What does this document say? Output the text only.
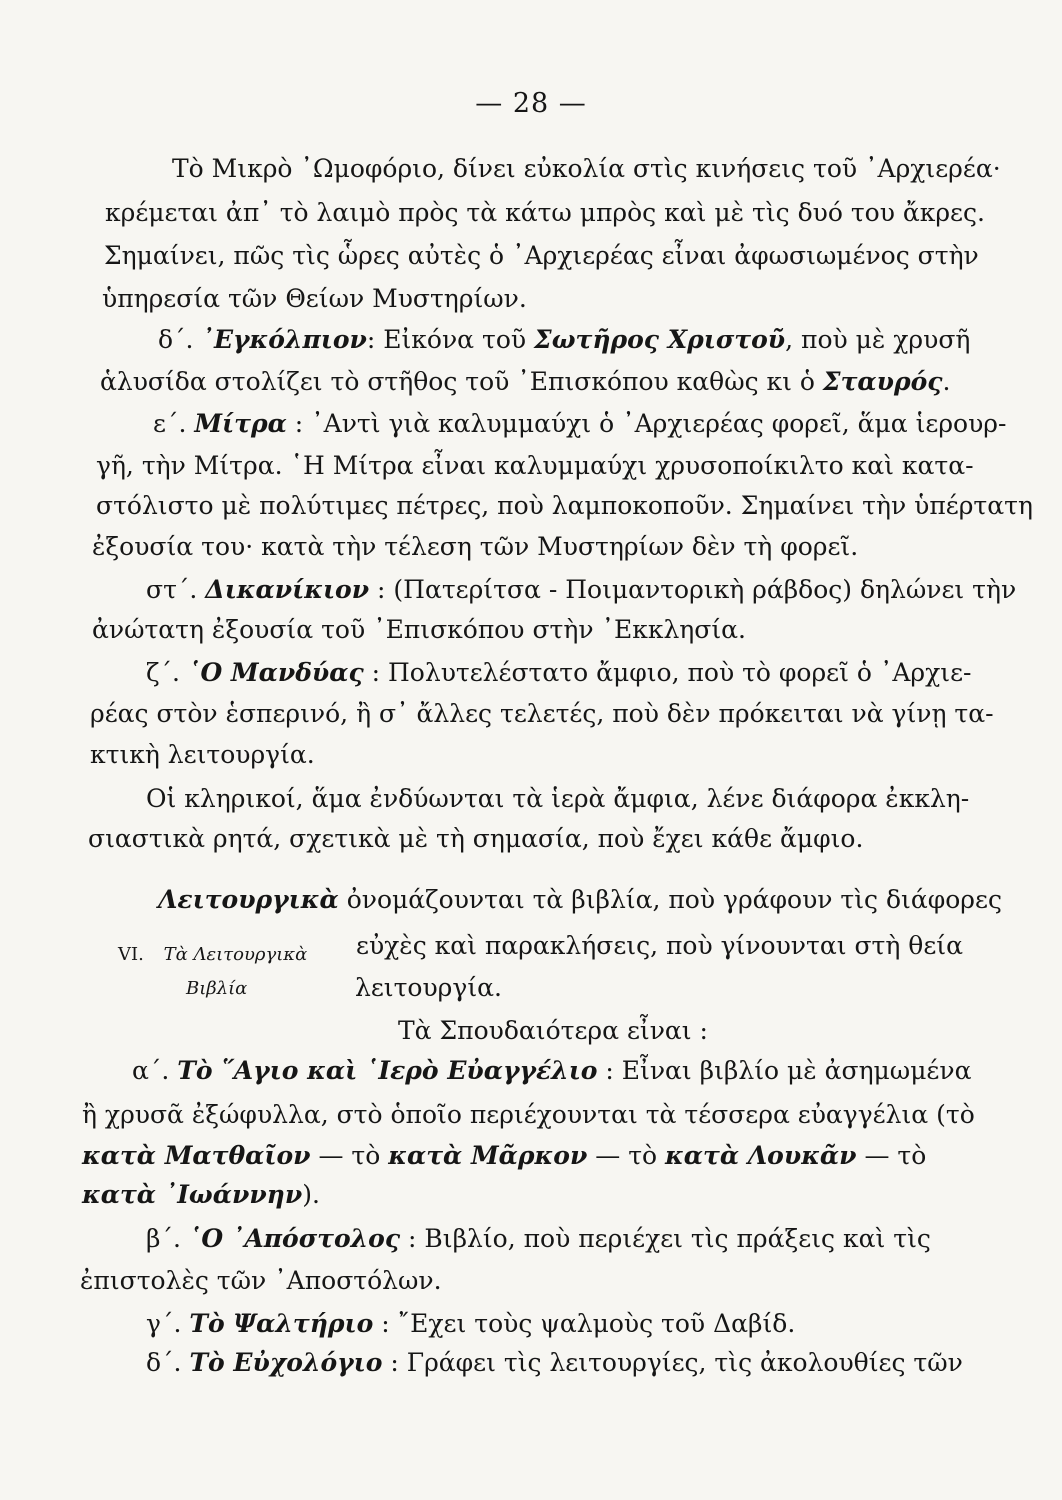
— 28 —
Τὸ Μικρὸ ᾿Ωμοφόριο, δίνει εὐκολία στὶς κινήσεις τοῦ ᾿Αρχιερέα·
κρέμεται ἀπ᾿ τὸ λαιμὸ πρὸς τὰ κάτω μπρὸς καὶ μὲ τὶς δυό του ἄκρες.
Σημαίνει, πῶς τὶς ὧρες αὐτὲς ὁ ᾿Αρχιερέας εἶναι ἀφωσιωμένος στὴν
ὑπηρεσία τῶν Θείων Μυστηρίων.
δ΄. ᾿Εγκόλπιον: Εἰκόνα τοῦ Σωτῆρος Χριστοῦ, ποὺ μὲ χρυσῆ
ἁλυσίδα στολίζει τὸ στῆθος τοῦ ᾿Επισκόπου καθὼς κι ὁ Σταυρός.
ε΄. Μίτρα : ᾿Αντὶ γιὰ καλυμμαύχι ὁ ᾿Αρχιερέας φορεῖ, ἅμα ἱερουρ-
γῆ, τὴν Μίτρα. ῾Η Μίτρα εἶναι καλυμμαύχι χρυσοποίκιλτο καὶ κατα-
στόλιστο μὲ πολύτιμες πέτρες, ποὺ λαμποκοποῦν. Σημαίνει τὴν ὑπέρτατη
ἐξουσία του· κατὰ τὴν τέλεση τῶν Μυστηρίων δὲν τὴ φορεῖ.
στ΄. Δικανίκιον : (Πατερίτσα - Ποιμαντορικὴ ράβδος) δηλώνει τὴν
ἀνώτατη ἐξουσία τοῦ ᾿Επισκόπου στὴν ᾿Εκκλησία.
ζ΄. ῾Ο Μανδύας : Πολυτελέστατο ἄμφιο, ποὺ τὸ φορεῖ ὁ ᾿Αρχιε-
ρέας στὸν ἑσπερινό, ἢ σ᾿ ἄλλες τελετές, ποὺ δὲν πρόκειται νὰ γίνῃ τα-
κτικὴ λειτουργία.
Οἱ κληρικοί, ἅμα ἐνδύωνται τὰ ἱερὰ ἄμφια, λένε διάφορα ἐκκλη-
σιαστικὰ ρητά, σχετικὰ μὲ τὴ σημασία, ποὺ ἔχει κάθε ἄμφιο.
Λειτουργικὰ ὀνομάζουνται τὰ βιβλία, ποὺ γράφουν τὶς διάφορες
εὐχὲς καὶ παρακλήσεις, ποὺ γίνουνται στὴ θεία
λειτουργία.
Τὰ Σπουδαιότερα εἶναι :
VI. Τὰ Λειτουργικὰ
Βιβλία
α΄. Τὸ ῞Αγιο καὶ ῾Ιερὸ Εὐαγγέλιο : Εἶναι βιβλίο μὲ ἀσημωμένα
ἢ χρυσᾶ ἐξώφυλλα, στὸ ὁποῖο περιέχουνται τὰ τέσσερα εὐαγγέλια (τὸ
κατὰ Ματθαῖον — τὸ κατὰ Μᾶρκον — τὸ κατὰ Λουκᾶν — τὸ
κατὰ ᾿Ιωάννην).
β΄. ῾Ο ᾿Απόστολος : Βιβλίο, ποὺ περιέχει τὶς πράξεις καὶ τὶς
ἐπιστολὲς τῶν ᾿Αποστόλων.
γ΄. Τὸ Ψαλτήριο : ῎Εχει τοὺς ψαλμοὺς τοῦ Δαβίδ.
δ΄. Τὸ Εὐχολόγιο : Γράφει τὶς λειτουργίες, τὶς ἀκολουθίες τῶν
